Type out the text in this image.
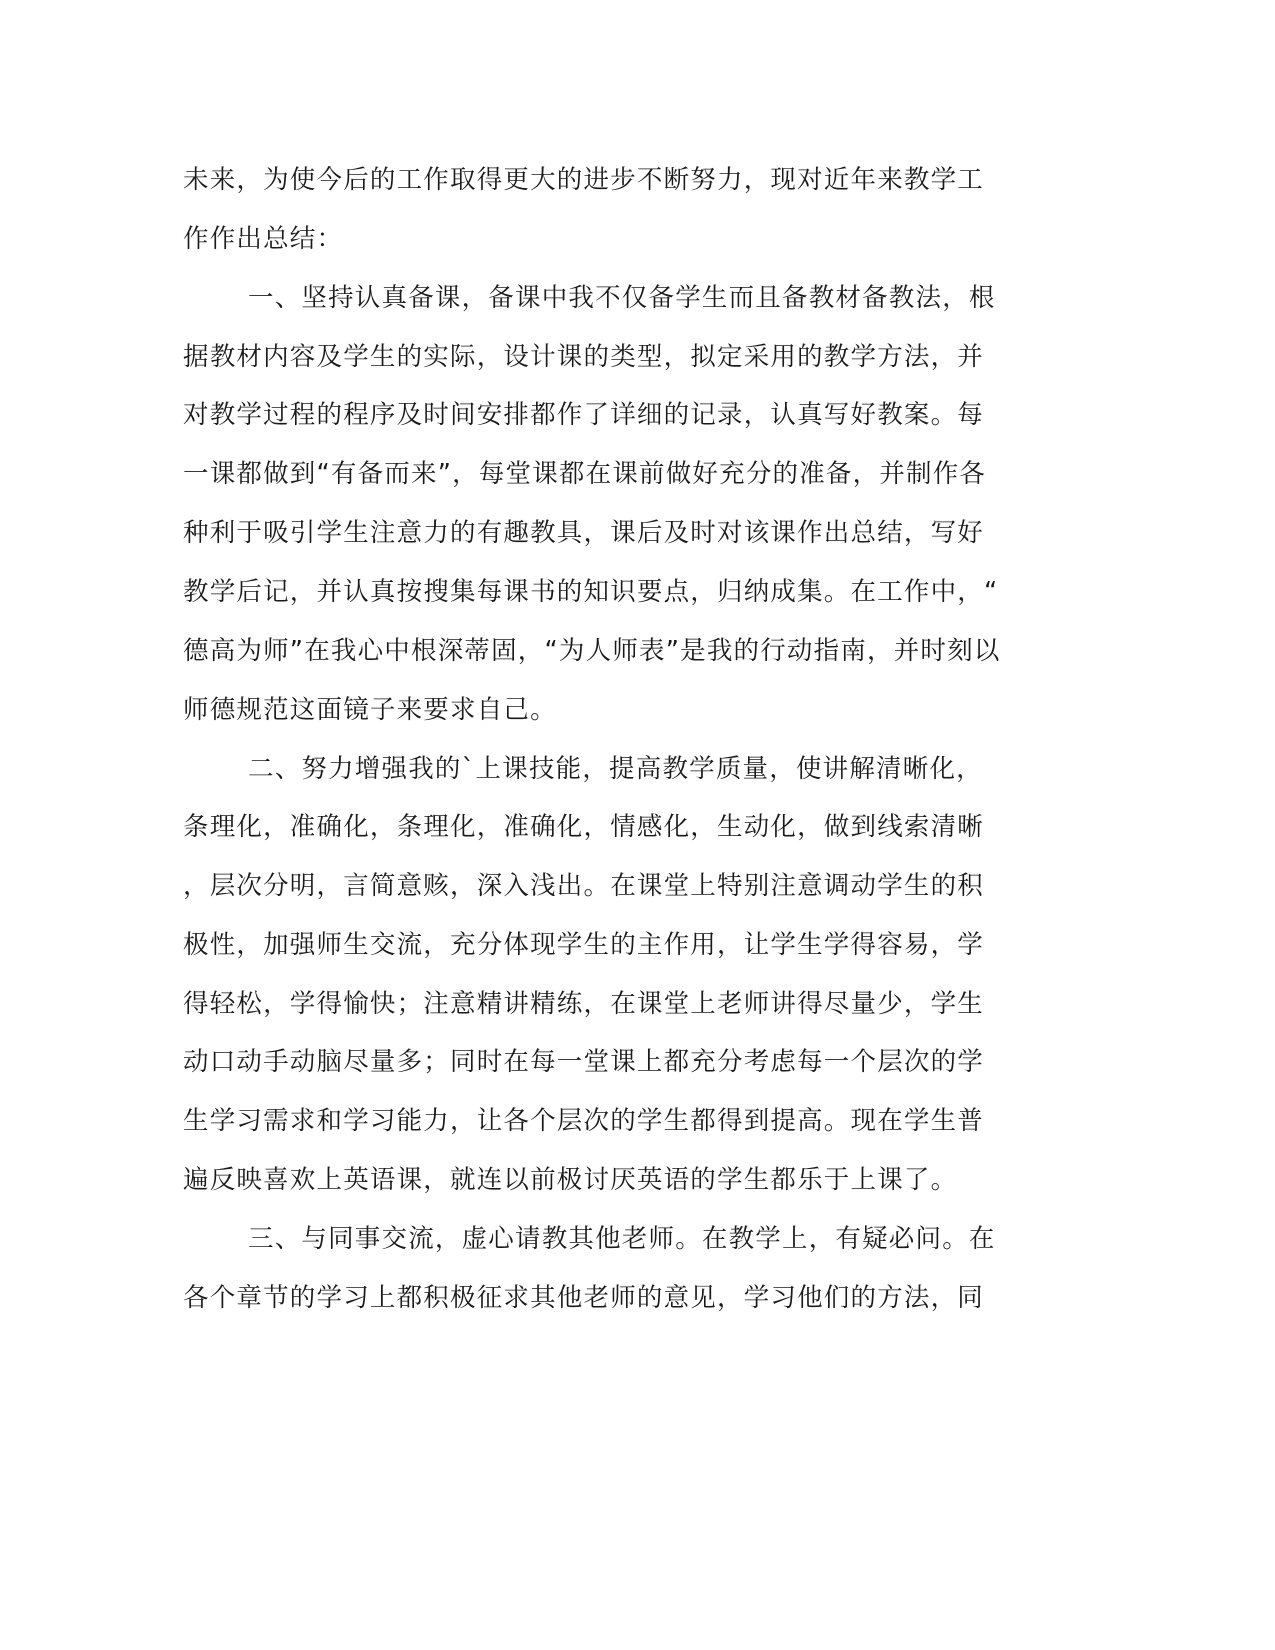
未来，为使今后的工作取得更大的进步不断努力，现对近年来教学工
作作出总结：
一、坚持认真备课，备课中我不仅备学生而且备教材备教法，根
据教材内容及学生的实际，设计课的类型，拟定采用的教学方法，并
对教学过程的程序及时间安排都作了详细的记录，认真写好教案。每
一课都做到“有备而来”，每堂课都在课前做好充分的准备，并制作各
种利于吸引学生注意力的有趣教具，课后及时对该课作出总结，写好
教学后记，并认真按搜集每课书的知识要点，归纳成集。在工作中，“
德高为师”在我心中根深蒂固，“为人师表”是我的行动指南，并时刻以
师德规范这面镜子来要求自己。
二、努力增强我的`上课技能，提高教学质量，使讲解清晰化，
条理化，准确化，条理化，准确化，情感化，生动化，做到线索清晰
，层次分明，言简意赅，深入浅出。在课堂上特别注意调动学生的积
极性，加强师生交流，充分体现学生的主作用，让学生学得容易，学
得轻松，学得愉快；注意精讲精练，在课堂上老师讲得尽量少，学生
动口动手动脑尽量多；同时在每一堂课上都充分考虑每一个层次的学
生学习需求和学习能力，让各个层次的学生都得到提高。现在学生普
遍反映喜欢上英语课，就连以前极讨厌英语的学生都乐于上课了。
三、与同事交流，虚心请教其他老师。在教学上，有疑必问。在
各个章节的学习上都积极征求其他老师的意见，学习他们的方法，同
